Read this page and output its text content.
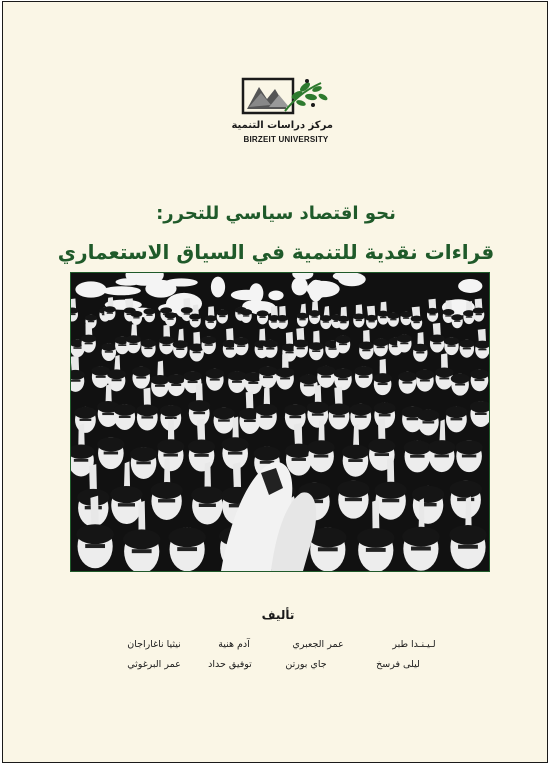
مركز دراسات التنمية
BIRZEIT UNIVERSITY
نحو اقتصاد سياسي للتحرر:
قراءات نقدية للتنمية في السياق الاستعماري
تأليف
لـيـنـدا طبر
عمر الجعبري
آدم هنية
نيثيا ناغاراجان
ليلى فرسخ
جاي بورتن
توفيق حداد
عمر البرغوثي
